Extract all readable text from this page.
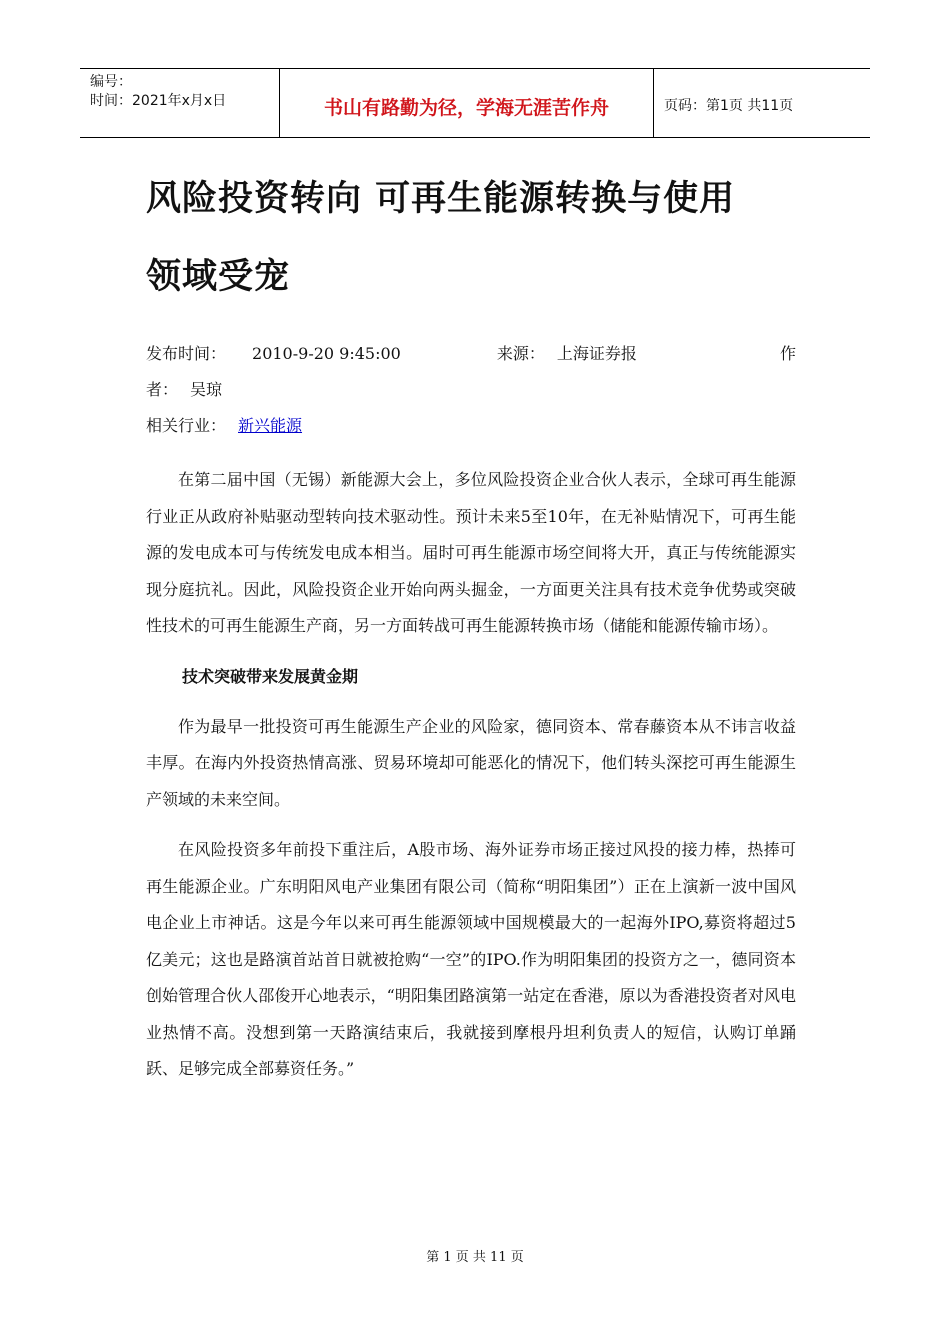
编号：
时间：2021年x月x日	书山有路勤为径，学海无涯苦作舟	页码：第1页 共11页
风险投资转向 可再生能源转换与使用
领域受宠
发布时间： 2010-9-20 9:45:00	来源： 上海证券报	作
者： 吴琼
相关行业： 新兴能源

在第二届中国（无锡）新能源大会上，多位风险投资企业合伙人表示，全球可再生能源行业正从政府补贴驱动型转向技术驱动性。预计未来5至10年，在无补贴情况下，可再生能源的发电成本可与传统发电成本相当。届时可再生能源市场空间将大开，真正与传统能源实现分庭抗礼。因此，风险投资企业开始向两头掘金，一方面更关注具有技术竞争优势或突破性技术的可再生能源生产商，另一方面转战可再生能源转换市场（储能和能源传输市场）。

技术突破带来发展黄金期

作为最早一批投资可再生能源生产企业的风险家，德同资本、常春藤资本从不讳言收益丰厚。在海内外投资热情高涨、贸易环境却可能恶化的情况下，他们转头深挖可再生能源生产领域的未来空间。

在风险投资多年前投下重注后，A股市场、海外证券市场正接过风投的接力棒，热捧可再生能源企业。广东明阳风电产业集团有限公司（简称“明阳集团”）正在上演新一波中国风电企业上市神话。这是今年以来可再生能源领域中国规模最大的一起海外IPO,募资将超过5亿美元；这也是路演首站首日就被抢购“一空”的IPO.作为明阳集团的投资方之一，德同资本创始管理合伙人邵俊开心地表示，“明阳集团路演第一站定在香港，原以为香港投资者对风电业热情不高。没想到第一天路演结束后，我就接到摩根丹坦利负责人的短信，认购订单踊跃、足够完成全部募资任务。”

第 1 页 共 11 页
